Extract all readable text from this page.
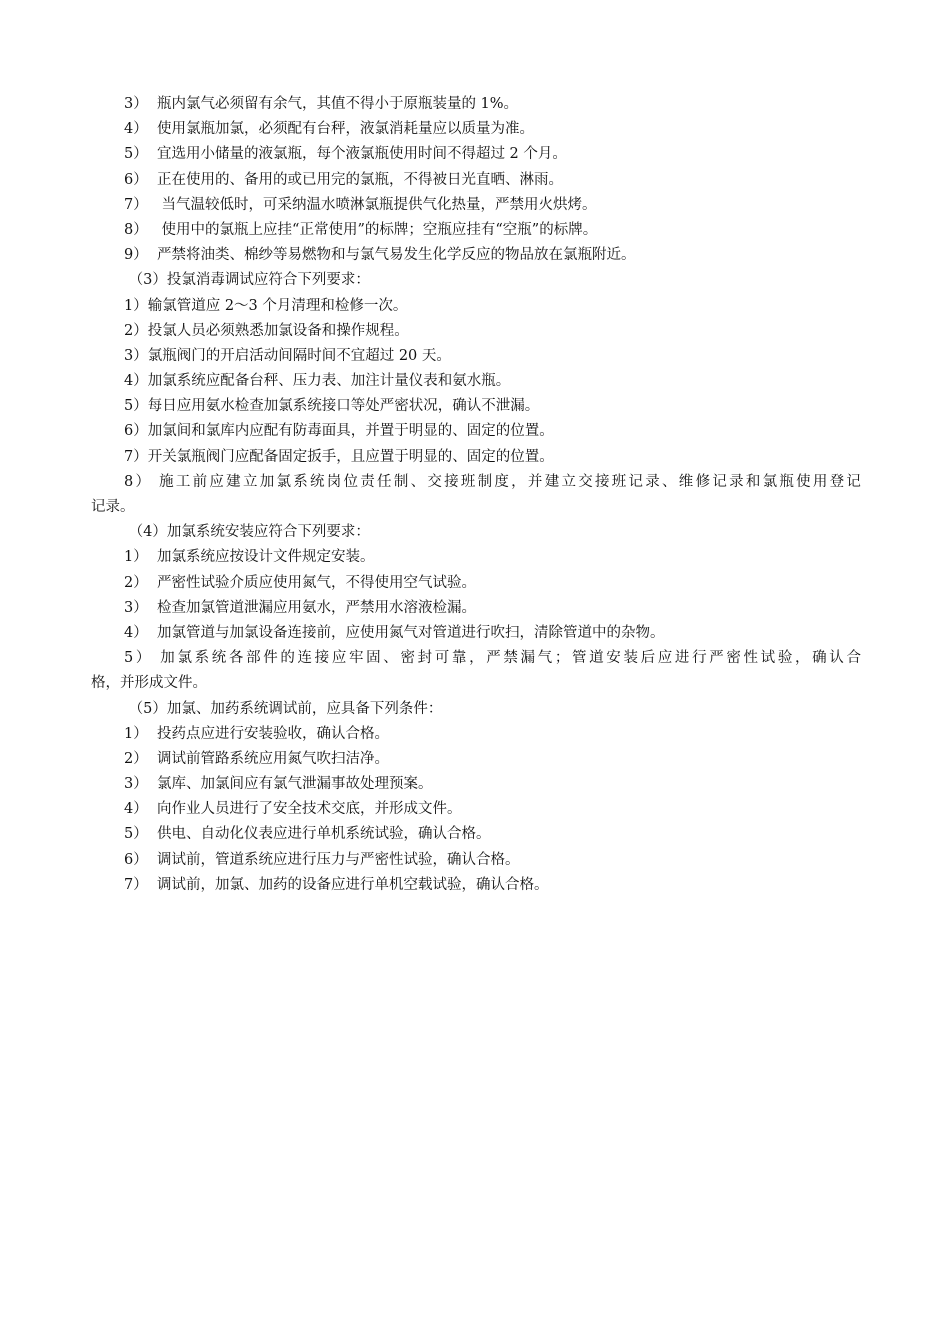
3）  瓶内氯气必须留有余气，其值不得小于原瓶装量的 1%。
4）  使用氯瓶加氯，必须配有台秤，液氯消耗量应以质量为准。
5）  宜选用小储量的液氯瓶，每个液氯瓶使用时间不得超过 2 个月。
6）  正在使用的、备用的或已用完的氯瓶，不得被日光直晒、淋雨。
7）   当气温较低时，可采纳温水喷淋氯瓶提供气化热量，严禁用火烘烤。
8）   使用中的氯瓶上应挂“正常使用”的标牌；空瓶应挂有“空瓶”的标牌。
9）  严禁将油类、棉纱等易燃物和与氯气易发生化学反应的物品放在氯瓶附近。
（3）投氯消毒调试应符合下列要求：
1）输氯管道应 2～3 个月清理和检修一次。
2）投氯人员必须熟悉加氯设备和操作规程。
3）氯瓶阀门的开启活动间隔时间不宜超过 20 天。
4）加氯系统应配备台秤、压力表、加注计量仪表和氨水瓶。
5）每日应用氨水检查加氯系统接口等处严密状况，确认不泄漏。
6）加氯间和氯库内应配有防毒面具，并置于明显的、固定的位置。
7）开关氯瓶阀门应配备固定扳手，且应置于明显的、固定的位置。
8） 施工前应建立加氯系统岗位责任制、交接班制度，并建立交接班记录、维修记录和氯瓶使用登记
记录。
（4）加氯系统安装应符合下列要求：
1）  加氯系统应按设计文件规定安装。
2）  严密性试验介质应使用氮气，不得使用空气试验。
3）  检查加氯管道泄漏应用氨水，严禁用水溶液检漏。
4）  加氯管道与加氯设备连接前，应使用氮气对管道进行吹扫，清除管道中的杂物。
5） 加氯系统各部件的连接应牢固、密封可靠，严禁漏气；管道安装后应进行严密性试验，确认合
格，并形成文件。
（5）加氯、加药系统调试前，应具备下列条件：
1）  投药点应进行安装验收，确认合格。
2）  调试前管路系统应用氮气吹扫洁净。
3）  氯库、加氯间应有氯气泄漏事故处理预案。
4）  向作业人员进行了安全技术交底，并形成文件。
5）  供电、自动化仪表应进行单机系统试验，确认合格。
6）  调试前，管道系统应进行压力与严密性试验，确认合格。
7）  调试前，加氯、加药的设备应进行单机空载试验，确认合格。
